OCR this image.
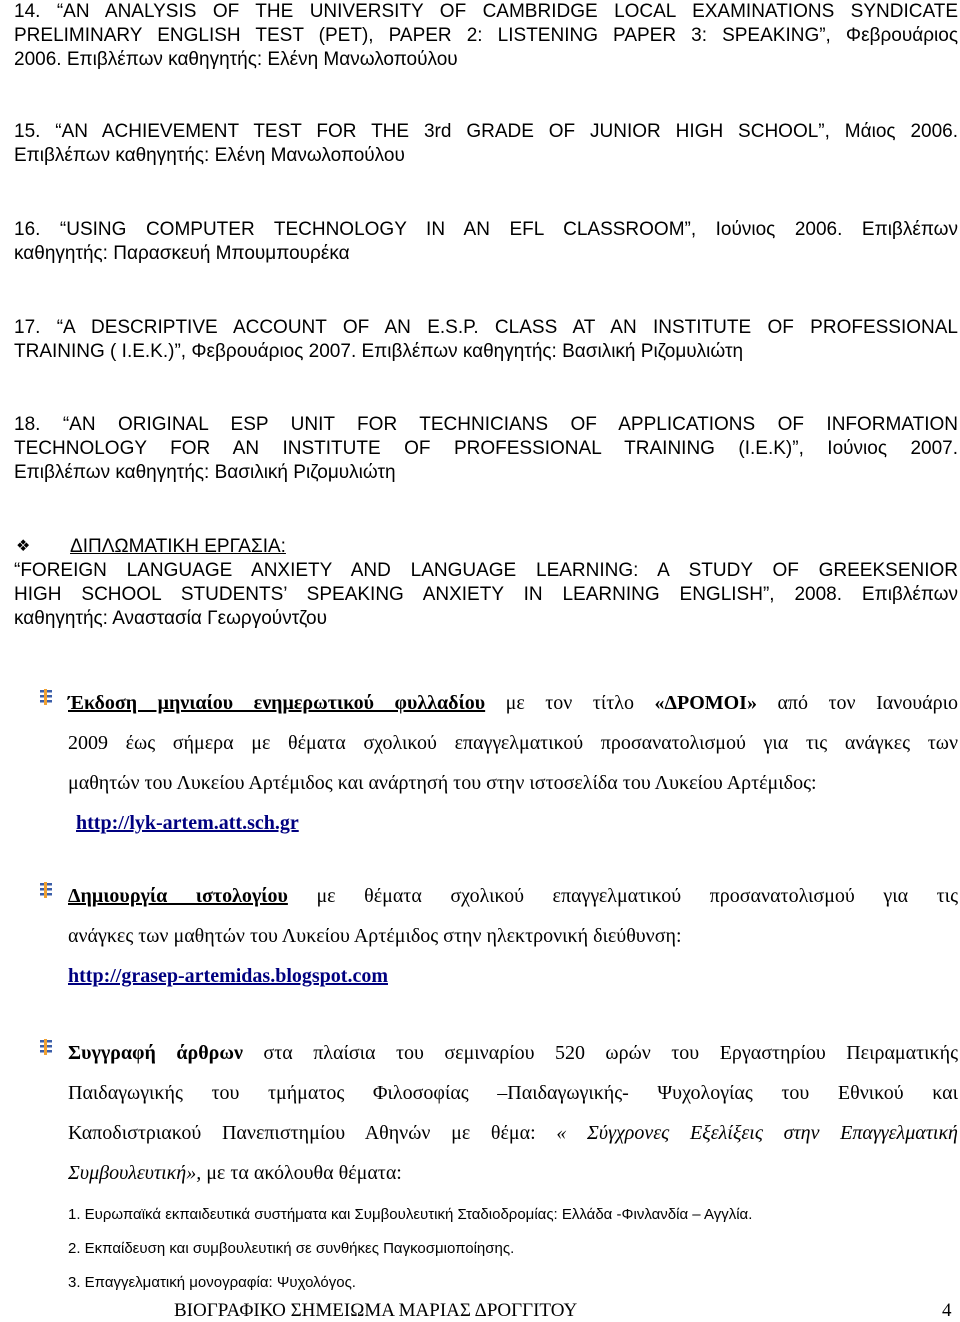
14. “AN ANALYSIS OF THE UNIVERSITY OF CAMBRIDGE LOCAL EXAMINATIONS SYNDICATE
PRELIMINARY ENGLISH TEST (PET), PAPER 2: LISTENING PAPER 3: SPEAKING”, Φεβρουάριος
2006. Επιβλέπων καθηγητής: Ελένη Μανωλοπούλου
15. “AN ACHIEVEMENT TEST FOR THE 3rd GRADE OF JUNIOR HIGH SCHOOL”, Μάιος 2006.
Επιβλέπων καθηγητής: Ελένη Μανωλοπούλου
16. “USING COMPUTER TECHNOLOGY IN AN EFL CLASSROOM”, Ιούνιος 2006. Επιβλέπων
καθηγητής: Παρασκευή Μπουμπουρέκα
17. “A DESCRIPTIVE ACCOUNT OF AN E.S.P. CLASS AT AN INSTITUTE OF PROFESSIONAL
TRAINING ( I.E.K.)”, Φεβρουάριος 2007. Επιβλέπων καθηγητής: Βασιλική Ριζομυλιώτη
18. “AN ORIGINAL ESP UNIT FOR TECHNICIANS OF APPLICATIONS OF INFORMATION
TECHNOLOGY FOR AN INSTITUTE OF PROFESSIONAL TRAINING (I.E.K)”, Ιούνιος 2007.
Επιβλέπων καθηγητής: Βασιλική Ριζομυλιώτη
❖ ΔΙΠΛΩΜΑΤΙΚΗ ΕΡΓΑΣΙΑ:
“FOREIGN LANGUAGE ANXIETY AND LANGUAGE LEARNING: A STUDY OF GREEKSENIOR
HIGH SCHOOL STUDENTS’ SPEAKING ANXIETY IN LEARNING ENGLISH”, 2008. Επιβλέπων
καθηγητής: Αναστασία Γεωργούντζου
Έκδοση μηνιαίου ενημερωτικού φυλλαδίου με τον τίτλο «ΔΡΟΜΟΙ» από τον Ιανουάριο
2009 έως σήμερα με θέματα σχολικού επαγγελματικού προσανατολισμού για τις ανάγκες των
μαθητών του Λυκείου Αρτέμιδος και ανάρτησή του στην ιστοσελίδα του Λυκείου Αρτέμιδος:
http://lyk-artem.att.sch.gr
Δημιουργία ιστολογίου με θέματα σχολικού επαγγελματικού προσανατολισμού για τις
ανάγκες των μαθητών του Λυκείου Αρτέμιδος στην ηλεκτρονική διεύθυνση:
http://grasep-artemidas.blogspot.com
Συγγραφή άρθρων στα πλαίσια του σεμιναρίου 520 ωρών του Εργαστηρίου Πειραματικής
Παιδαγωγικής του τμήματος Φιλοσοφίας –Παιδαγωγικής- Ψυχολογίας του Εθνικού και
Καποδιστριακού Πανεπιστημίου Αθηνών με θέμα: « Σύγχρονες Εξελίξεις στην Επαγγελματική
Συμβουλευτική», με τα ακόλουθα θέματα:
1. Ευρωπαϊκά εκπαιδευτικά συστήματα και Συμβουλευτική Σταδιοδρομίας: Ελλάδα -Φινλανδία – Αγγλία.
2. Εκπαίδευση και συμβουλευτική σε συνθήκες Παγκοσμιοποίησης.
3. Επαγγελματική μονογραφία: Ψυχολόγος.
ΒΙΟΓΡΑΦΙΚΟ ΣΗΜΕΙΩΜΑ ΜΑΡΙΑΣ ΔΡΟΓΓΙΤΟΥ	4
